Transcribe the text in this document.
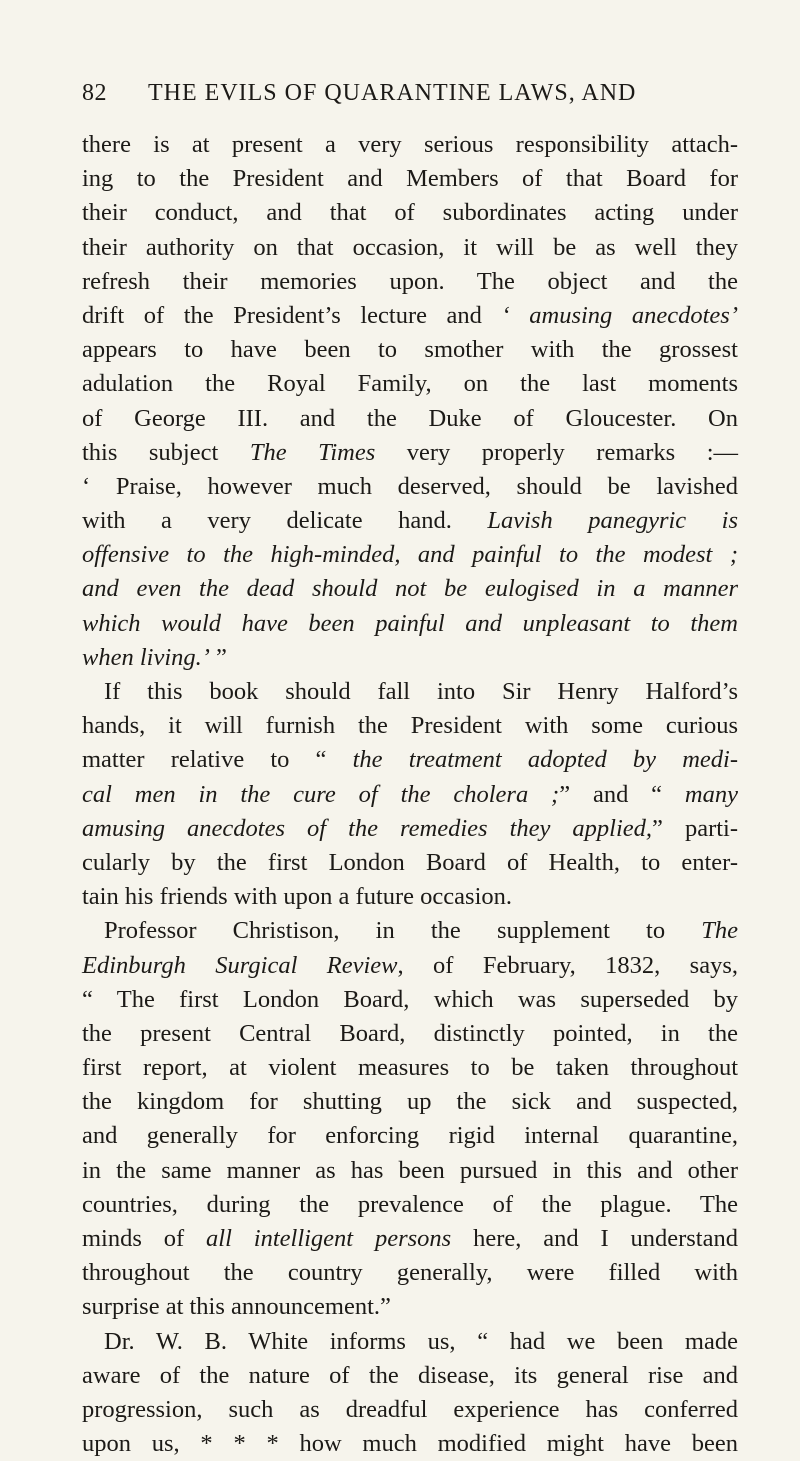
82 THE EVILS OF QUARANTINE LAWS, AND
there is at present a very serious responsibility attach-
ing to the President and Members of that Board for
their conduct, and that of subordinates acting under
their authority on that occasion, it will be as well they
refresh their memories upon. The object and the
drift of the President’s lecture and ‘ amusing anecdotes’
appears to have been to smother with the grossest
adulation the Royal Family, on the last moments
of George III. and the Duke of Gloucester. On
this subject The Times very properly remarks :—
‘ Praise, however much deserved, should be lavished
with a very delicate hand. Lavish panegyric is
offensive to the high-minded, and painful to the modest ;
and even the dead should not be eulogised in a manner
which would have been painful and unpleasant to them
when living.’ ”
If this book should fall into Sir Henry Halford’s
hands, it will furnish the President with some curious
matter relative to “ the treatment adopted by medi-
cal men in the cure of the cholera ;” and “ many
amusing anecdotes of the remedies they applied,” parti-
cularly by the first London Board of Health, to enter-
tain his friends with upon a future occasion.
Professor Christison, in the supplement to The
Edinburgh Surgical Review, of February, 1832, says,
“ The first London Board, which was superseded by
the present Central Board, distinctly pointed, in the
first report, at violent measures to be taken throughout
the kingdom for shutting up the sick and suspected,
and generally for enforcing rigid internal quarantine,
in the same manner as has been pursued in this and other
countries, during the prevalence of the plague. The
minds of all intelligent persons here, and I understand
throughout the country generally, were filled with
surprise at this announcement.”
Dr. W. B. White informs us, “ had we been made
aware of the nature of the disease, its general rise and
progression, such as dreadful experience has conferred
upon us, * * * how much modified might have been
